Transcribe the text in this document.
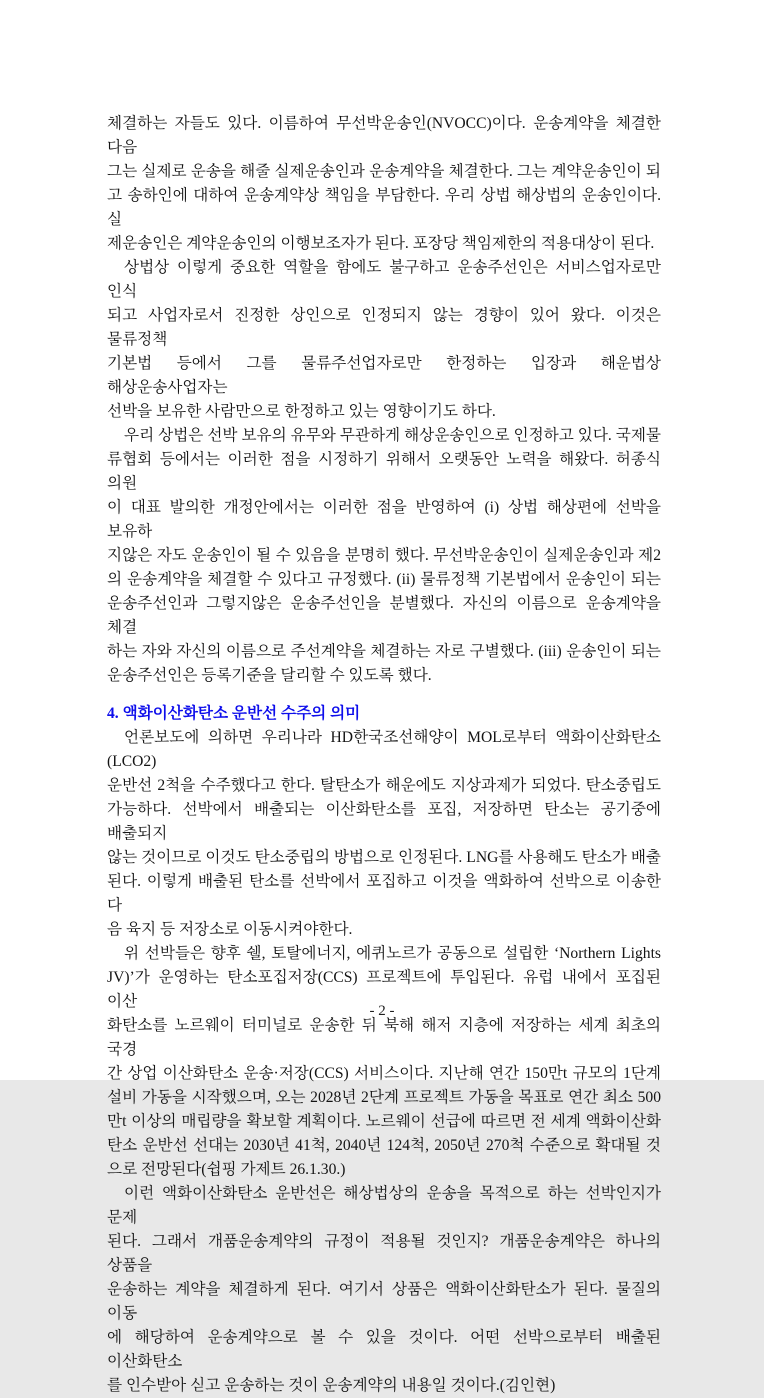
체결하는 자들도 있다. 이름하여 무선박운송인(NVOCC)이다. 운송계약을 체결한 다음
그는 실제로 운송을 해줄 실제운송인과 운송계약을 체결한다. 그는 계약운송인이 되
고 송하인에 대하여 운송계약상 책임을 부담한다. 우리 상법 해상법의 운송인이다. 실
제운송인은 계약운송인의 이행보조자가 된다. 포장당 책임제한의 적용대상이 된다.
상법상 이렇게 중요한 역할을 함에도 불구하고 운송주선인은 서비스업자로만 인식
되고 사업자로서 진정한 상인으로 인정되지 않는 경향이 있어 왔다. 이것은 물류정책
기본법 등에서 그를 물류주선업자로만 한정하는 입장과 해운법상 해상운송사업자는
선박을 보유한 사람만으로 한정하고 있는 영향이기도 하다.
우리 상법은 선박 보유의 유무와 무관하게 해상운송인으로 인정하고 있다. 국제물
류협회 등에서는 이러한 점을 시정하기 위해서 오랫동안 노력을 해왔다. 허종식 의원
이 대표 발의한 개정안에서는 이러한 점을 반영하여 (i) 상법 해상편에 선박을 보유하
지않은 자도 운송인이 될 수 있음을 분명히 했다. 무선박운송인이 실제운송인과 제2
의 운송계약을 체결할 수 있다고 규정했다. (ii) 물류정책 기본법에서 운송인이 되는
운송주선인과 그렇지않은 운송주선인을 분별했다. 자신의 이름으로 운송계약을 체결
하는 자와 자신의 이름으로 주선계약을 체결하는 자로 구별했다. (iii) 운송인이 되는
운송주선인은 등록기준을 달리할 수 있도록 했다.
4. 액화이산화탄소 운반선 수주의 의미
언론보도에 의하면 우리나라 HD한국조선해양이 MOL로부터 액화이산화탄소(LCO2)
운반선 2척을 수주했다고 한다. 탈탄소가 해운에도 지상과제가 되었다. 탄소중립도
가능하다. 선박에서 배출되는 이산화탄소를 포집, 저장하면 탄소는 공기중에 배출되지
않는 것이므로 이것도 탄소중립의 방법으로 인정된다. LNG를 사용해도 탄소가 배출
된다. 이렇게 배출된 탄소를 선박에서 포집하고 이것을 액화하여 선박으로 이송한 다
음 육지 등 저장소로 이동시켜야한다.
위 선박들은 향후 쉘, 토탈에너지, 에퀴노르가 공동으로 설립한 ‘Northern Lights
JV)’가 운영하는 탄소포집저장(CCS) 프로젝트에 투입된다. 유럽 내에서 포집된 이산
화탄소를 노르웨이 터미널로 운송한 뒤 북해 해저 지층에 저장하는 세계 최초의 국경
간 상업 이산화탄소 운송·저장(CCS) 서비스이다. 지난해 연간 150만t 규모의 1단계
설비 가동을 시작했으며, 오는 2028년 2단계 프로젝트 가동을 목표로 연간 최소 500
만t 이상의 매립량을 확보할 계획이다. 노르웨이 선급에 따르면 전 세계 액화이산화
탄소 운반선 선대는 2030년 41척, 2040년 124척, 2050년 270척 수준으로 확대될 것
으로 전망된다(쉽핑 가제트 26.1.30.)
이런 액화이산화탄소 운반선은 해상법상의 운송을 목적으로 하는 선박인지가 문제
된다. 그래서 개품운송계약의 규정이 적용될 것인지? 개품운송계약은 하나의 상품을
운송하는 계약을 체결하게 된다. 여기서 상품은 액화이산화탄소가 된다. 물질의 이동
에 해당하여 운송계약으로 볼 수 있을 것이다. 어떤 선박으로부터 배출된 이산화탄소
를 인수받아 싣고 운송하는 것이 운송계약의 내용일 것이다.(김인현)
- 2 -
